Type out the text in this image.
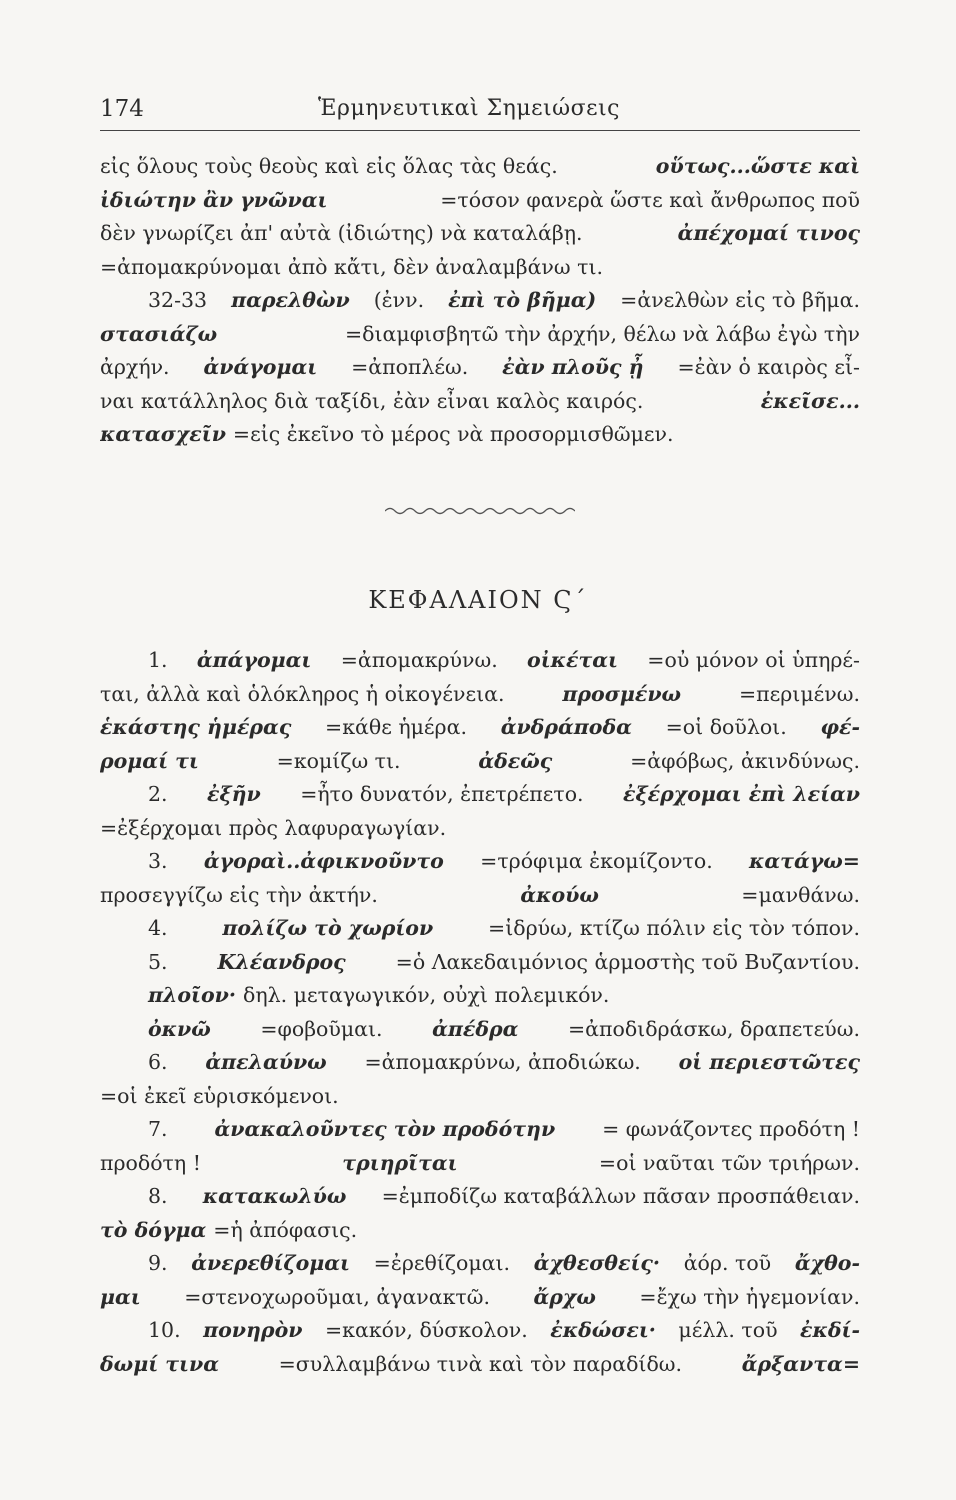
174	Ἑρμηνευτικαὶ Σημειώσεις
εἰς ὅλους τοὺς θεοὺς καὶ εἰς ὅλας τὰς θεάς.	οὕτως...ὥστε καὶ
ἰδιώτην ἂν γνῶναι	=τόσον φανερὰ ὥστε καὶ ἄνθρωπος ποῦ
δὲν γνωρίζει ἀπ' αὐτὰ (ἰδιώτης) νὰ καταλάβῃ.	ἀπέχομαί τινος
=ἀπομακρύνομαι ἀπὸ κἄτι, δὲν ἀναλαμβάνω τι.
32-33 παρελθὼν (ἐνν. ἐπὶ τὸ βῆμα) =ἀνελθὼν εἰς τὸ βῆμα.
στασιάζω	=διαμφισβητῶ τὴν ἀρχήν, θέλω νὰ λάβω ἐγὼ τὴν
ἀρχήν. ἀνάγομαι =ἀποπλέω. ἐὰν πλοῦς ᾖ =ἐὰν ὁ καιρὸς εἶ-
ναι κατάλληλος διὰ ταξίδι, ἐὰν εἶναι καλὸς καιρός.	ἐκεῖσε...
κατασχεῖν =εἰς ἐκεῖνο τὸ μέρος νὰ προσορμισθῶμεν.
ΚΕΦΑΛΑΙΟΝ Ϛ΄
1. ἀπάγομαι =ἀπομακρύνω. οἰκέται =οὐ μόνον οἱ ὑπηρέ-
ται, ἀλλὰ καὶ ὁλόκληρος ἡ οἰκογένεια.	προσμένω	=περιμένω.
ἑκάστης ἡμέρας =κάθε ἡμέρα. ἀνδράποδα =οἱ δοῦλοι. φέ-
ρομαί τι	=κομίζω τι.	ἀδεῶς	=ἀφόβως, ἀκινδύνως.
2. ἐξῆν =ἦτο δυνατόν, ἐπετρέπετο. ἐξέρχομαι ἐπὶ λείαν
=ἐξέρχομαι πρὸς λαφυραγωγίαν.
3. ἀγοραὶ..ἀφικνοῦντο =τρόφιμα ἐκομίζοντο. κατάγω=
προσεγγίζω εἰς τὴν ἀκτήν.	ἀκούω	=μανθάνω.
4.	πολίζω τὸ χωρίον	=ἱδρύω, κτίζω πόλιν εἰς τὸν τόπον.
5. Κλέανδρος =ὁ Λακεδαιμόνιος ἁρμοστὴς τοῦ Βυζαντίου.
πλοῖον· δηλ. μεταγωγικόν, οὐχὶ πολεμικόν.
ὀκνῶ =φοβοῦμαι. ἀπέδρα =ἀποδιδράσκω, δραπετεύω.
6. ἀπελαύνω =ἀπομακρύνω, ἀποδιώκω. οἱ περιεστῶτες
=οἱ ἐκεῖ εὑρισκόμενοι.
7. ἀνακαλοῦντες τὸν προδότην = φωνάζοντες προδότη !
προδότη !	τριηρῖται	=οἱ ναῦται τῶν τριήρων.
8. κατακωλύω =ἐμποδίζω καταβάλλων πᾶσαν προσπάθειαν.
τὸ δόγμα =ἡ ἀπόφασις.
9. ἀνερεθίζομαι =ἐρεθίζομαι. ἀχθεσθείς· ἀόρ. τοῦ ἄχθο-
μαι =στενοχωροῦμαι, ἀγανακτῶ. ἄρχω =ἔχω τὴν ἡγεμονίαν.
10. πονηρὸν =κακόν, δύσκολον. ἐκδώσει· μέλλ. τοῦ ἐκδί-
δωμί τινα	=συλλαμβάνω τινὰ καὶ τὸν παραδίδω.	ἄρξαντα=
